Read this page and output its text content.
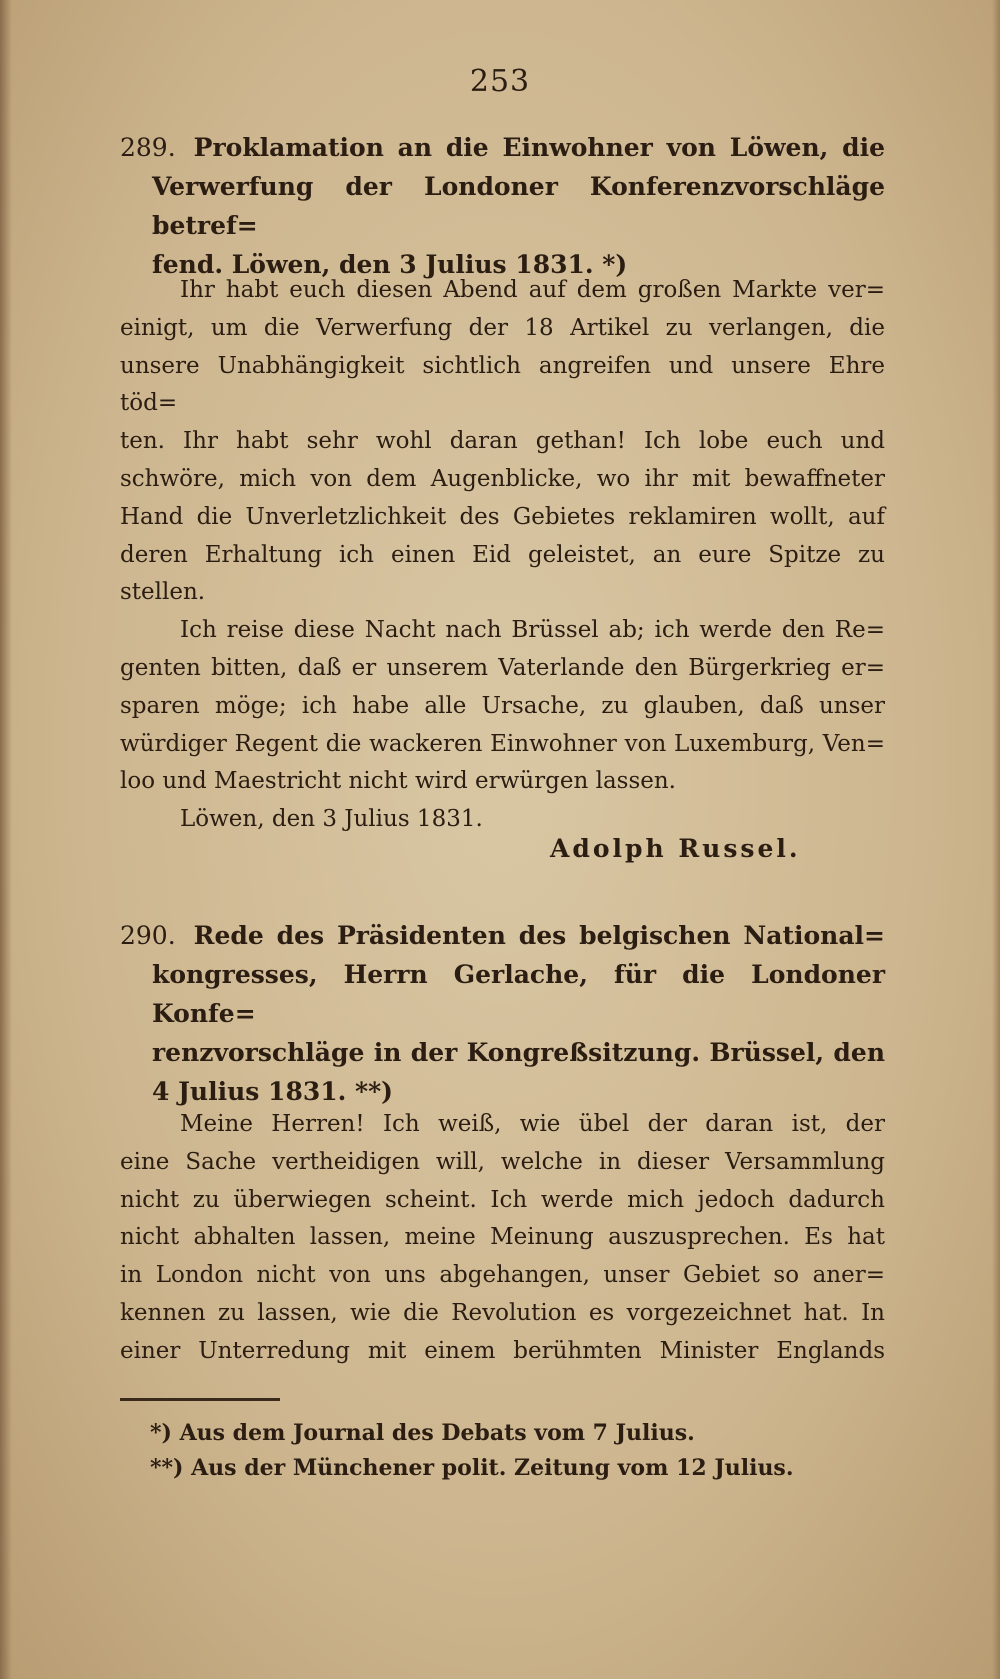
253
289. Proklamation an die Einwohner von Löwen, die
Verwerfung der Londoner Konferenzvorschläge betref=
fend. Löwen, den 3 Julius 1831. *)
Ihr habt euch diesen Abend auf dem großen Markte ver=
einigt, um die Verwerfung der 18 Artikel zu verlangen, die
unsere Unabhängigkeit sichtlich angreifen und unsere Ehre töd=
ten. Ihr habt sehr wohl daran gethan! Ich lobe euch und
schwöre, mich von dem Augenblicke, wo ihr mit bewaffneter
Hand die Unverletzlichkeit des Gebietes reklamiren wollt, auf
deren Erhaltung ich einen Eid geleistet, an eure Spitze zu
stellen.
Ich reise diese Nacht nach Brüssel ab; ich werde den Re=
genten bitten, daß er unserem Vaterlande den Bürgerkrieg er=
sparen möge; ich habe alle Ursache, zu glauben, daß unser
würdiger Regent die wackeren Einwohner von Luxemburg, Ven=
loo und Maestricht nicht wird erwürgen lassen.
Löwen, den 3 Julius 1831.
Adolph Russel.
290. Rede des Präsidenten des belgischen National=
kongresses, Herrn Gerlache, für die Londoner Konfe=
renzvorschläge in der Kongreßsitzung. Brüssel, den
4 Julius 1831. **)
Meine Herren! Ich weiß, wie übel der daran ist, der
eine Sache vertheidigen will, welche in dieser Versammlung
nicht zu überwiegen scheint. Ich werde mich jedoch dadurch
nicht abhalten lassen, meine Meinung auszusprechen. Es hat
in London nicht von uns abgehangen, unser Gebiet so aner=
kennen zu lassen, wie die Revolution es vorgezeichnet hat. In
einer Unterredung mit einem berühmten Minister Englands
*) Aus dem Journal des Debats vom 7 Julius.
**) Aus der Münchener polit. Zeitung vom 12 Julius.
